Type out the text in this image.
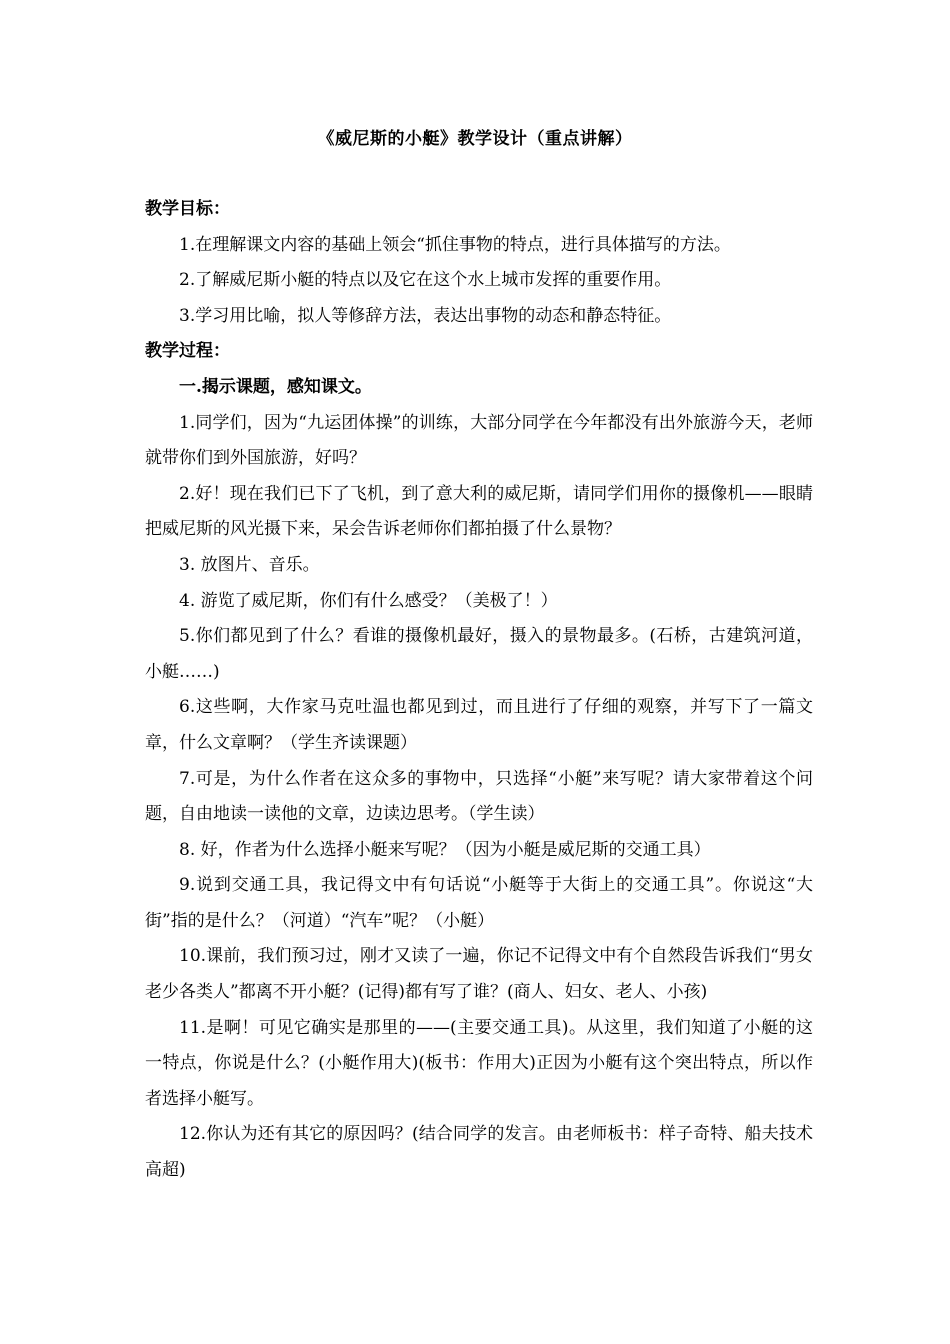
《威尼斯的小艇》教学设计（重点讲解）

教学目标：

1.在理解课文内容的基础上领会“抓住事物的特点，进行具体描写的方法。

2.了解威尼斯小艇的特点以及它在这个水上城市发挥的重要作用。

3.学习用比喻，拟人等修辞方法，表达出事物的动态和静态特征。

教学过程：

一.揭示课题，感知课文。

1.同学们，因为“九运团体操”的训练，大部分同学在今年都没有出外旅游今天，老师就带你们到外国旅游，好吗？

2.好！现在我们已下了飞机，到了意大利的威尼斯，请同学们用你的摄像机——眼睛把威尼斯的风光摄下来，呆会告诉老师你们都拍摄了什么景物？

3. 放图片、音乐。

4. 游览了威尼斯，你们有什么感受？（美极了！）

5.你们都见到了什么？看谁的摄像机最好，摄入的景物最多。(石桥，古建筑河道，小艇……)

6.这些啊，大作家马克吐温也都见到过，而且进行了仔细的观察，并写下了一篇文章，什么文章啊？（学生齐读课题）

7.可是，为什么作者在这众多的事物中，只选择“小艇”来写呢？请大家带着这个问题，自由地读一读他的文章，边读边思考。（学生读）

8. 好，作者为什么选择小艇来写呢？（因为小艇是威尼斯的交通工具）

9.说到交通工具，我记得文中有句话说“小艇等于大街上的交通工具”。你说这“大街”指的是什么？（河道）“汽车”呢？（小艇）

10.课前，我们预习过，刚才又读了一遍，你记不记得文中有个自然段告诉我们“男女老少各类人”都离不开小艇？(记得)都有写了谁？(商人、妇女、老人、小孩)

11.是啊！可见它确实是那里的——(主要交通工具)。从这里，我们知道了小艇的这一特点，你说是什么？(小艇作用大)(板书：作用大)正因为小艇有这个突出特点，所以作者选择小艇写。

12.你认为还有其它的原因吗？(结合同学的发言。由老师板书：样子奇特、船夫技术高超)
